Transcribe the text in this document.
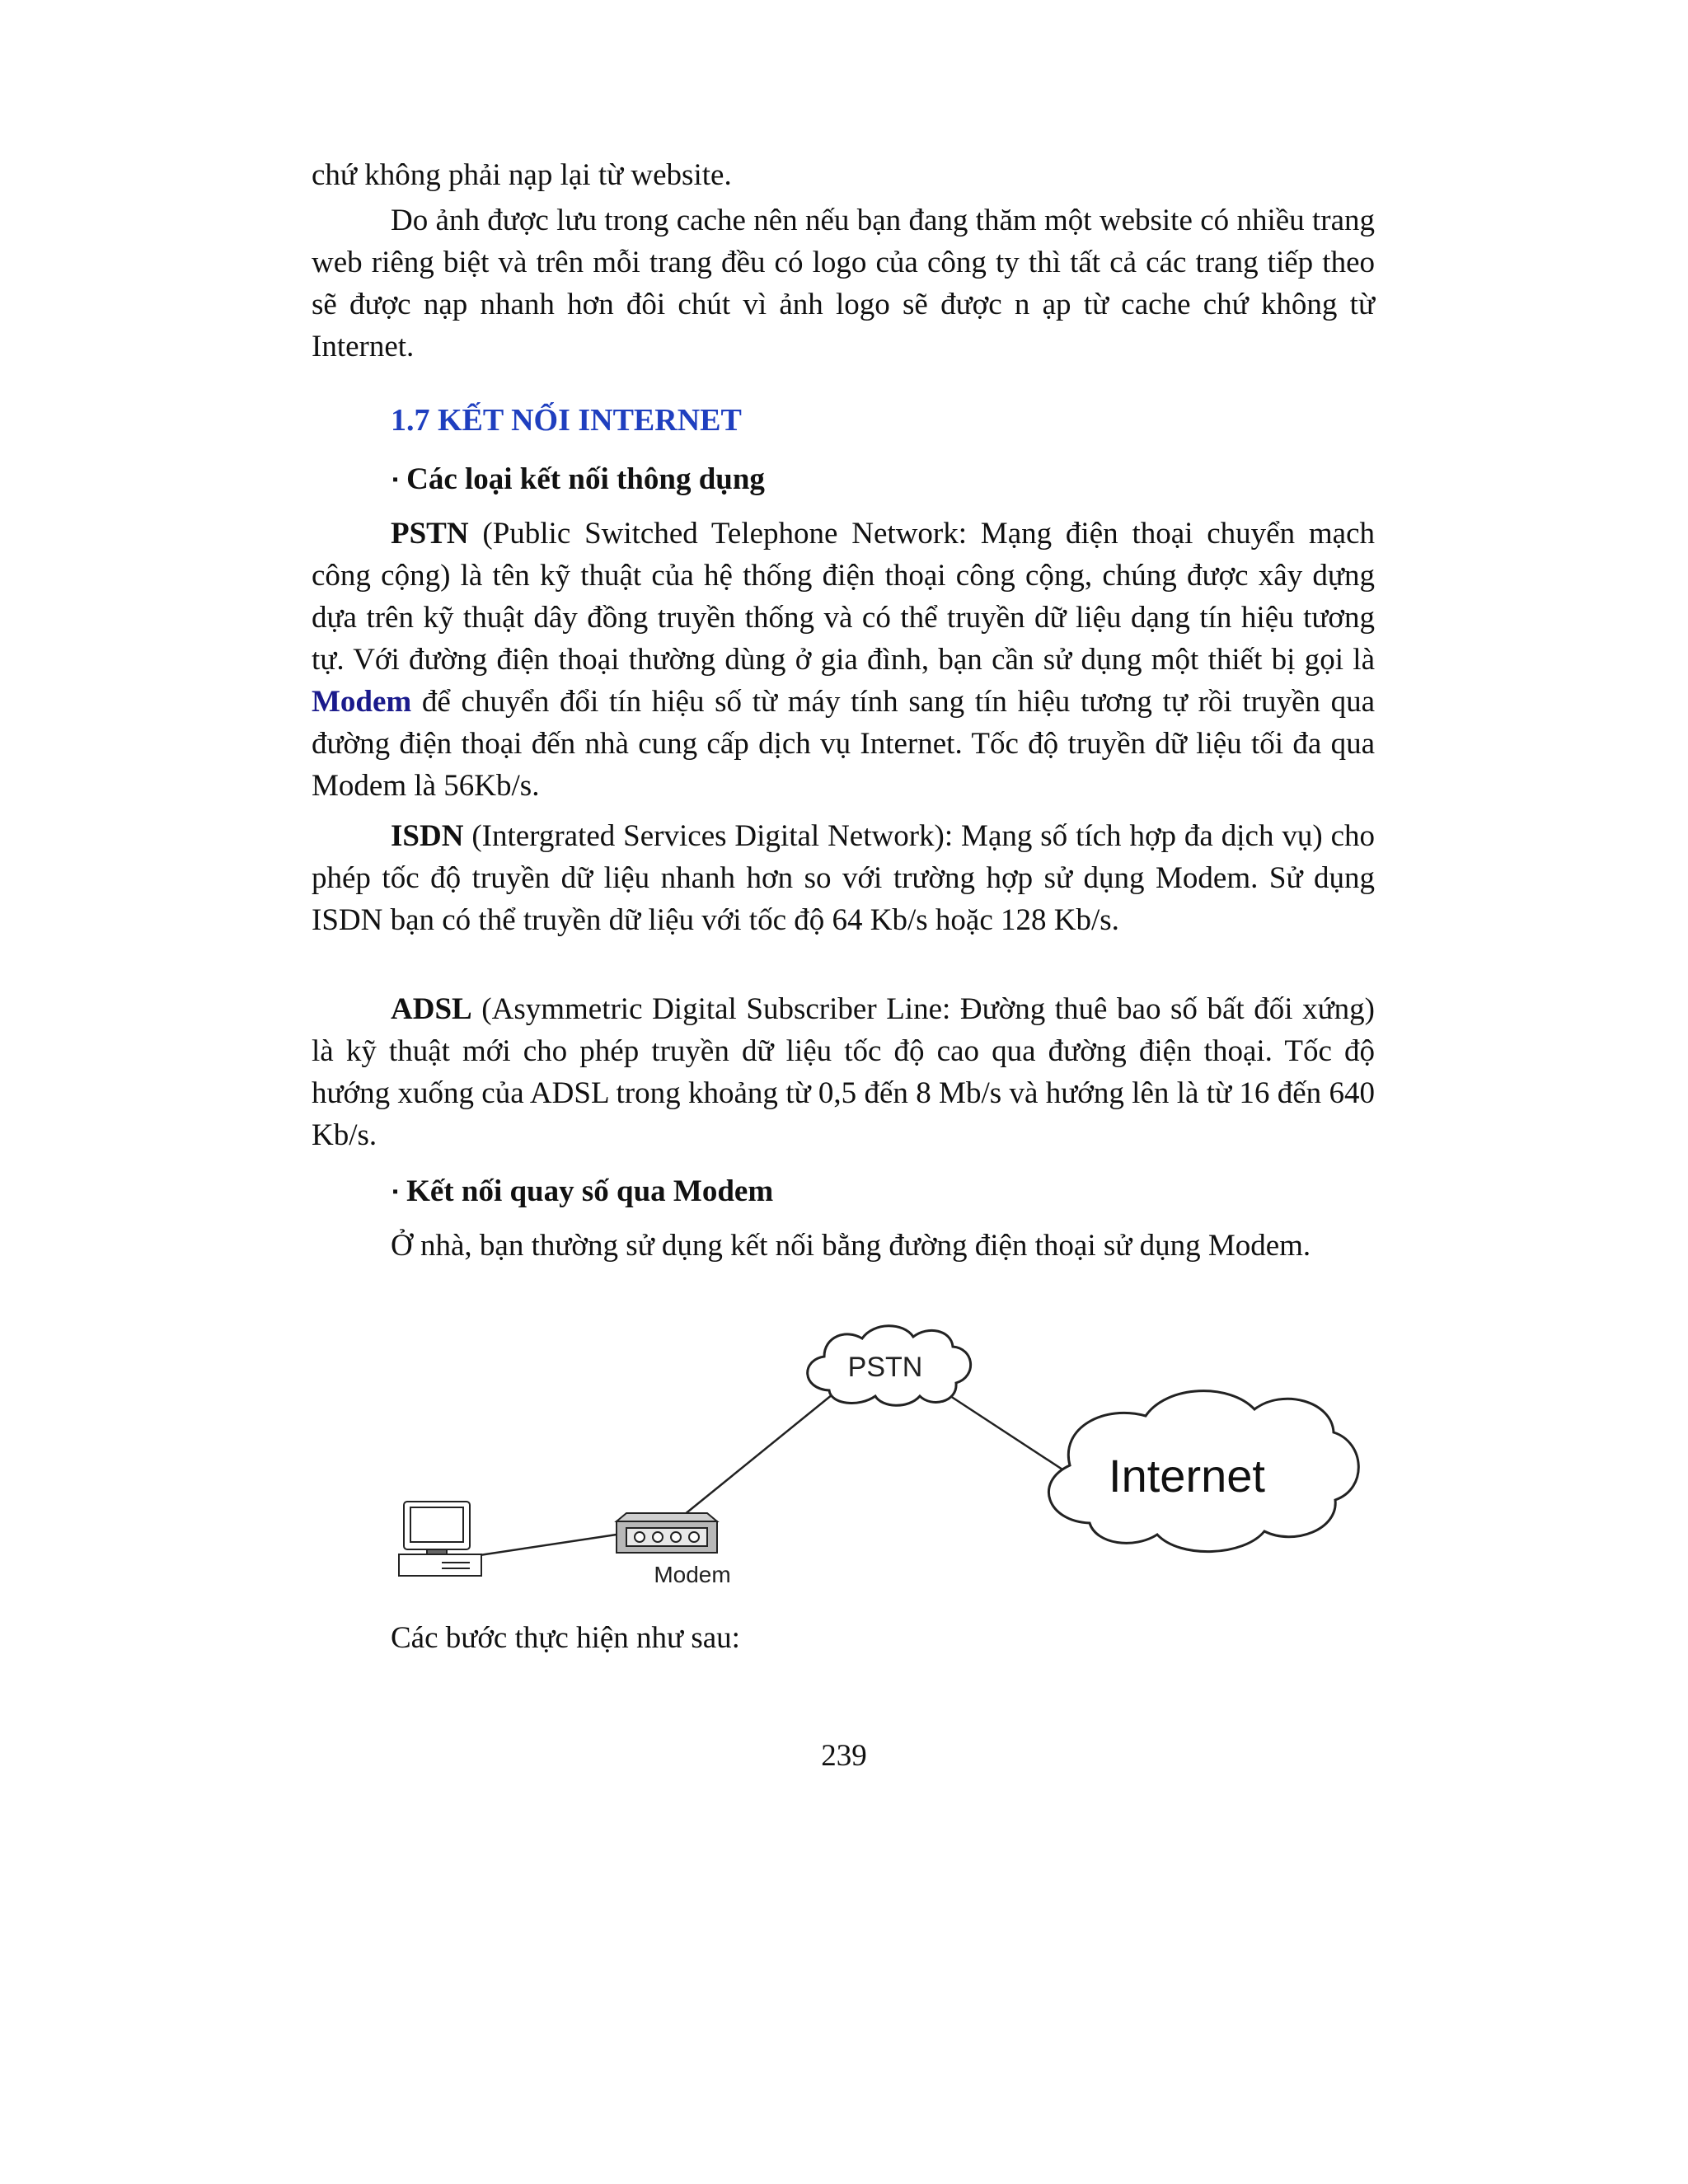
chứ không phải nạp lại từ website.

Do ảnh được lưu trong cache nên nếu bạn đang thăm một website có nhiều trang web riêng biệt và trên mỗi trang đều có logo của công ty thì tất cả các trang tiếp theo sẽ được nạp nhanh hơn đôi chút vì ảnh logo sẽ được n ạp từ cache chứ không từ Internet.

1.7 KẾT NỐI INTERNET

▪ Các loại kết nối thông dụng

PSTN (Public Switched Telephone Network: Mạng điện thoại chuyển mạch công cộng) là tên kỹ thuật của hệ thống điện thoại công cộng, chúng được xây dựng dựa trên kỹ thuật dây đồng truyền thống và có thể truyền dữ liệu dạng tín hiệu tương tự. Với đường điện thoại thường dùng ở gia đình, bạn cần sử dụng một thiết bị gọi là Modem để chuyển đổi tín hiệu số từ máy tính sang tín hiệu tương tự rồi truyền qua đường điện thoại đến nhà cung cấp dịch vụ Internet. Tốc độ truyền dữ liệu tối đa qua Modem là 56Kb/s.

ISDN (Intergrated Services Digital Network): Mạng số tích hợp đa dịch vụ) cho phép tốc độ truyền dữ liệu nhanh hơn so với trường hợp sử dụng Modem. Sử dụng ISDN bạn có thể truyền dữ liệu với tốc độ 64 Kb/s hoặc 128 Kb/s.

ADSL (Asymmetric Digital Subscriber Line: Đường thuê bao số bất đối xứng) là kỹ thuật mới cho phép truyền dữ liệu tốc độ cao qua đường điện thoại. Tốc độ hướng xuống của ADSL trong khoảng từ 0,5 đến 8 Mb/s và hướng lên là từ 16 đến 640 Kb/s.

▪ Kết nối quay số qua Modem

Ở nhà, bạn thường sử dụng kết nối bằng đường điện thoại sử dụng Modem.

PSTN
Internet
Modem

Các bước thực hiện như sau:

239
